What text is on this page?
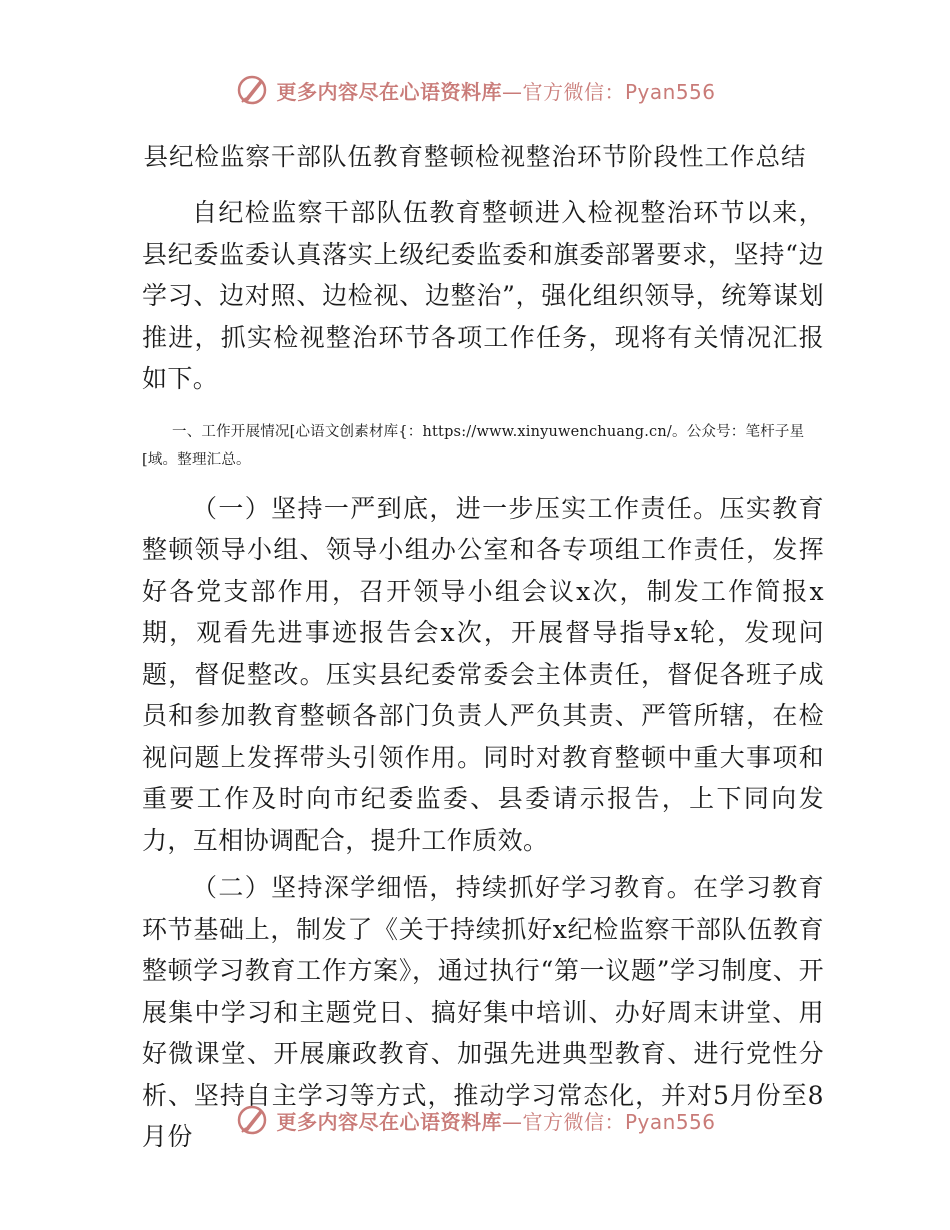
更多内容尽在心语资料库—官方微信：Pyan556
县纪检监察干部队伍教育整顿检视整治环节阶段性工作总结

自纪检监察干部队伍教育整顿进入检视整治环节以来，县纪委监委认真落实上级纪委监委和旗委部署要求，坚持“边学习、边对照、边检视、边整治”，强化组织领导，统筹谋划推进，抓实检视整治环节各项工作任务，现将有关情况汇报如下。

一、工作开展情况[心语文创素材库{：https://www.xinyuwenchuang.cn/。公众号：笔杆子星[域。整理汇总。

（一）坚持一严到底，进一步压实工作责任。压实教育整顿领导小组、领导小组办公室和各专项组工作责任，发挥好各党支部作用，召开领导小组会议x次，制发工作简报x期，观看先进事迹报告会x次，开展督导指导x轮，发现问题，督促整改。压实县纪委常委会主体责任，督促各班子成员和参加教育整顿各部门负责人严负其责、严管所辖，在检视问题上发挥带头引领作用。同时对教育整顿中重大事项和重要工作及时向市纪委监委、县委请示报告，上下同向发力，互相协调配合，提升工作质效。

（二）坚持深学细悟，持续抓好学习教育。在学习教育环节基础上，制发了《关于持续抓好x纪检监察干部队伍教育整顿学习教育工作方案》，通过执行“第一议题”学习制度、开展集中学习和主题党日、搞好集中培训、办好周末讲堂、用好微课堂、开展廉政教育、加强先进典型教育、进行党性分析、坚持自主学习等方式，推动学习常态化，并对5月份至8月份

更多内容尽在心语资料库—官方微信：Pyan556
